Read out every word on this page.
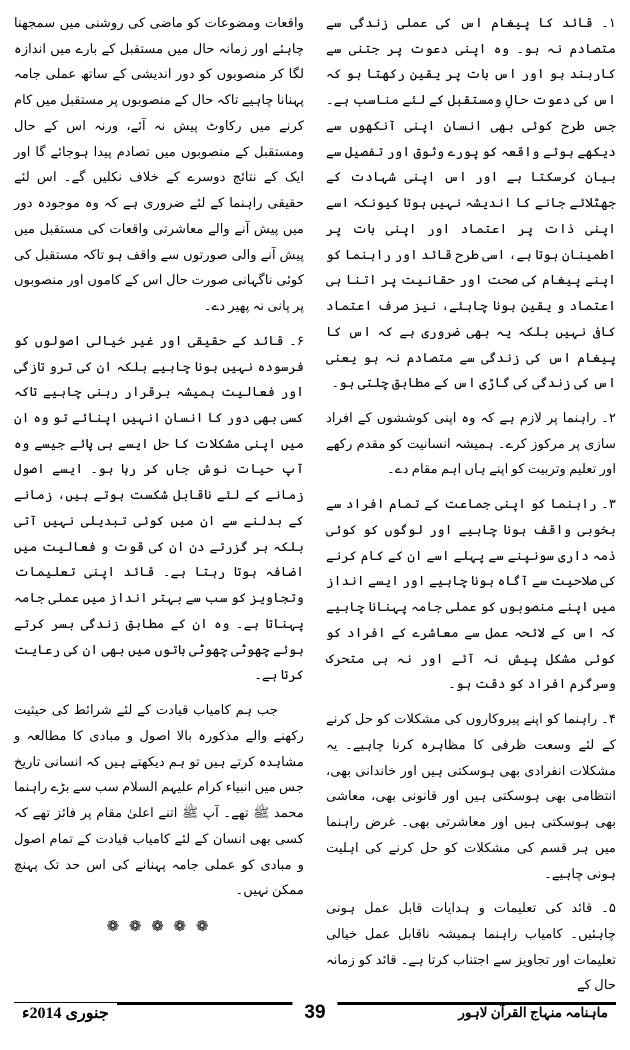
۱۔ قائد کا پیغام اس کی عملی زندگی سے متصادم نہ ہو۔ وہ اپنی دعوت پر جتنی سے کاربند ہو اور اس بات پر یقین رکھتا ہو کہ اس کی دعوت حالِ ومستقبل کے لئے مناسب ہے۔ جس طرح کوئی بھی انسان اپنی آنکھوں سے دیکھے ہوئے واقعہ کو پورے وثوق اور تفصیل سے بیان کرسکتا ہے اور اس اپنی شہادت کے جھٹلائے جانے کا اندیشہ نہیں ہوتا کیونکہ اسے اپنی ذات پر اعتماد اور اپنی بات پر اطمینان ہوتا ہے، اسی طرح قائد اور راہنما کو اپنے پیغام کی صحت اور حقانیت پر اتنا ہی اعتماد و یقین ہونا چاہئے، نیز صرف اعتماد کافی نہیں بلکہ یہ بھی ضروری ہے کہ اس کا پیغام اس کی زندگی سے متصادم نہ ہو یعنی اس کی زندگی کی گاڑی اس کے مطابق چلتی ہو۔

۲۔ راہنما پر لازم ہے کہ وہ اپنی کوششوں کے افراد سازی پر مرکوز کرے۔ ہمیشہ انسانیت کو مقدم رکھے اور تعلیم وتربیت کو اپنے ہاں اہم مقام دے۔

۳۔ راہنما کو اپنی جماعت کے تمام افراد سے بخوبی واقف ہونا چاہیے اور لوگوں کو کوئی ذمہ داری سونپنے سے پہلے اسے ان کے کام کرنے کی صلاحیت سے آگاہ ہونا چاہیے اور ایسے انداز میں اپنے منصوبوں کو عملی جامہ پہنانا چاہیے کہ اس کے لائحہ عمل سے معاشرے کے افراد کو کوئی مشکل پیش نہ آئے اور نہ ہی متحرک وسرگرم افراد کو دقت ہو۔

۴۔ راہنما کو اپنے پیروکاروں کی مشکلات کو حل کرنے کے لئے وسعت ظرفی کا مظاہرہ کرنا چاہیے۔ یہ مشکلات انفرادی بھی ہوسکتی ہیں اور خاندانی بھی، انتظامی بھی ہوسکتی ہیں اور قانونی بھی، معاشی بھی ہوسکتی ہیں اور معاشرتی بھی۔ غرض راہنما میں ہر قسم کی مشکلات کو حل کرنے کی اہلیت ہونی چاہیے۔

۵۔ قائد کی تعلیمات و ہدایات قابل عمل ہونی چاہئیں۔ کامیاب راہنما ہمیشہ ناقابل عمل خیالی تعلیمات اور تجاویز سے اجتناب کرتا ہے۔ قائد کو زمانہ حال کے

واقعات ومضوعات کو ماضی کی روشنی میں سمجھنا چاہئے اور زمانہ حال میں مستقبل کے بارے میں اندازہ لگا کر منصوبوں کو دور اندیشی کے ساتھ عملی جامہ پہنانا چاہیے تاکہ حال کے منصوبوں پر مستقبل میں کام کرنے میں رکاوٹ پیش نہ آئے، ورنہ اس کے حال ومستقبل کے منصوبوں میں تصادم پیدا ہوجائے گا اور ایک کے نتائج دوسرے کے خلاف نکلیں گے۔ اس لئے حقیقی راہنما کے لئے ضروری ہے کہ وہ موجودہ دور میں پیش آنے والے معاشرتی واقعات کی مستقبل میں پیش آنے والی صورتوں سے واقف ہو تاکہ مستقبل کی کوئی ناگہانی صورت حال اس کے کاموں اور منصوبوں پر پانی نہ پھیر دے۔

۶۔ قائد کے حقیقی اور غیر خیالی اصولوں کو فرسودہ نہیں ہونا چاہیے بلکہ ان کی ترو تازگی اور فعالیت ہمیشہ برقرار رہنی چاہیے تاکہ کسی بھی دور کا انسان انہیں اپنائے تو وہ ان میں اپنی مشکلات کا حل ایسے ہی پائے جیسے وہ آپ حیات نوش جاں کر رہا ہو۔ ایسے اصول زمانے کے لئے ناقابل شکست ہوتے ہیں، زمانے کے بدلنے سے ان میں کوئی تبدیلی نہیں آتی بلکہ ہر گزرتے دن ان کی قوت و فعالیت میں اضافہ ہوتا رہتا ہے۔ قائد اپنی تعلیمات وتجاویز کو سب سے بہتر انداز میں عملی جامہ پہناتا ہے۔ وہ ان کے مطابق زندگی بسر کرتے ہوئے چھوٹی چھوٹی باتوں میں بھی ان کی رعایت کرتا ہے۔

جب ہم کامیاب قیادت کے لئے شرائط کی حیثیت رکھنے والے مذکورہ بالا اصول و مبادی کا مطالعہ و مشاہدہ کرتے ہیں تو ہم دیکھتے ہیں کہ انسانی تاریخ جس میں انبیاء کرام علیہم السلام سب سے بڑے راہنما محمد ﷺ تھے۔ آپ ﷺ اتنے اعلیٰ مقام پر فائز تھے کہ کسی بھی انسان کے لئے کامیاب قیادت کے تمام اصول و مبادی کو عملی جامہ پہنانے کی اس حد تک پہنچ ممکن نہیں۔

❁ ❁ ❁ ❁ ❁
جنوری 2014ء	39	ماہنامہ منہاج القرآن لاہور
